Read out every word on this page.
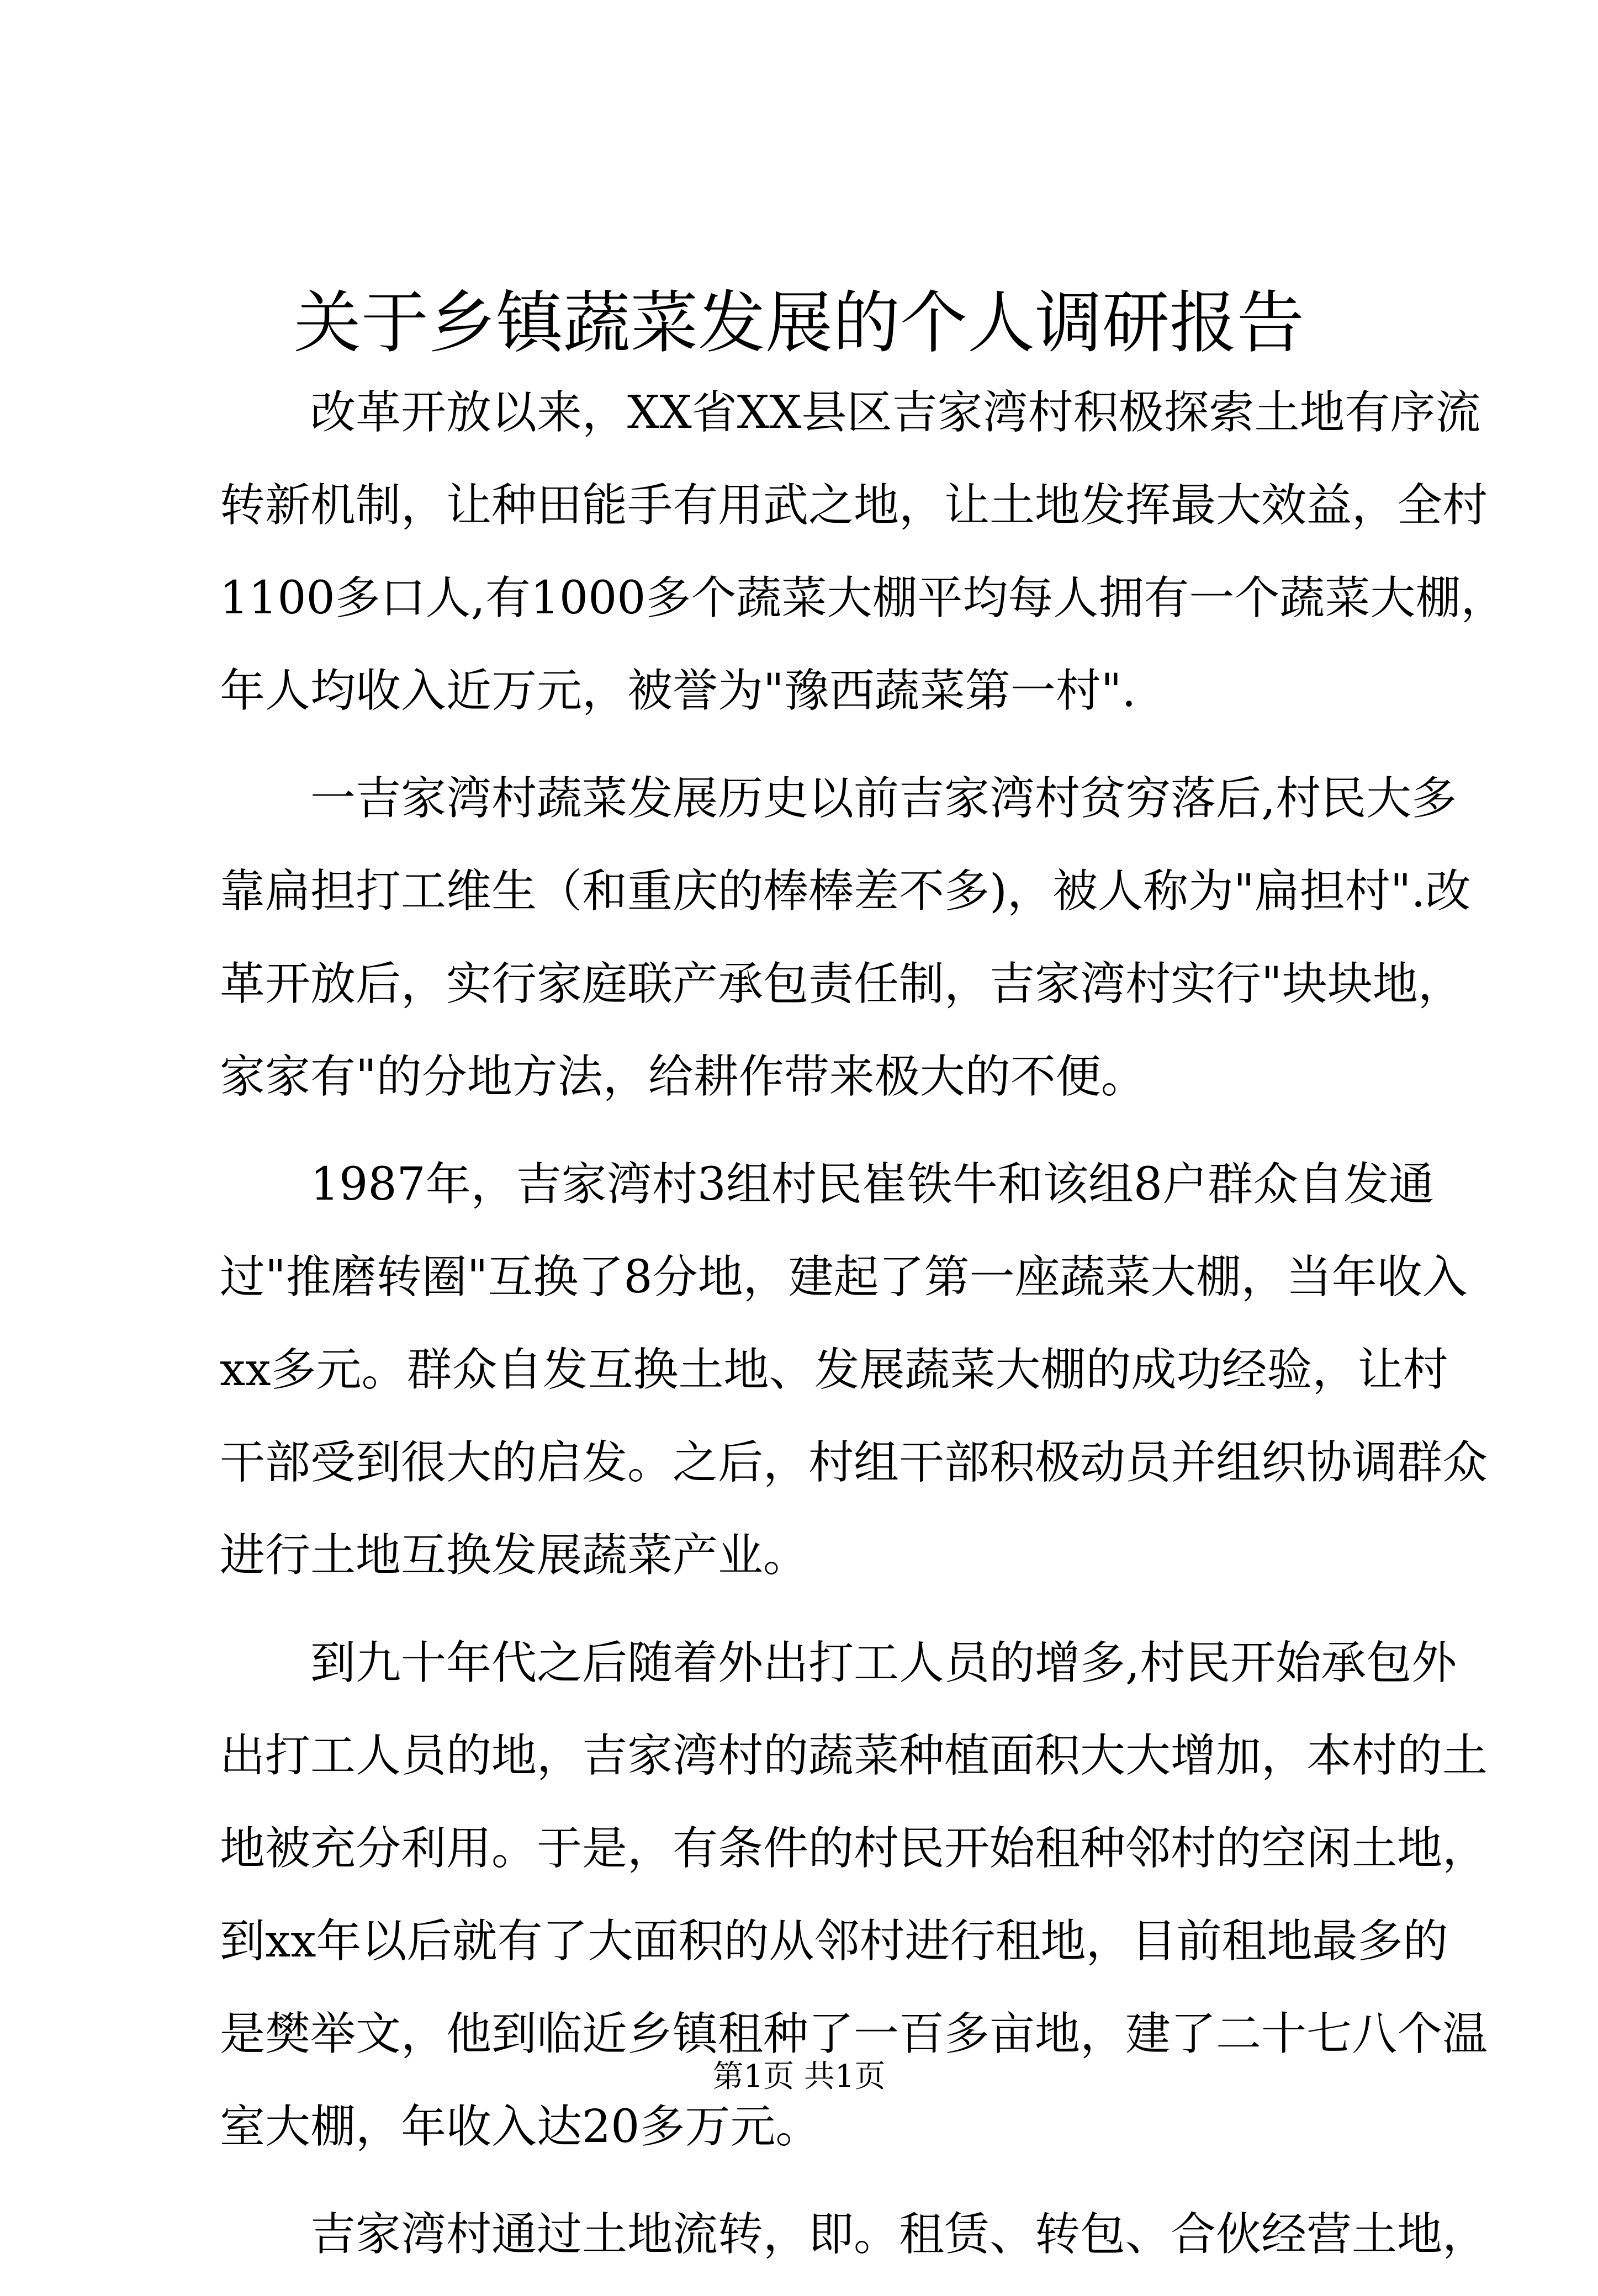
关于乡镇蔬菜发展的个人调研报告

改革开放以来，XX省XX县区吉家湾村积极探索土地有序流
转新机制，让种田能手有用武之地，让土地发挥最大效益，全村
1100多口人,有1000多个蔬菜大棚平均每人拥有一个蔬菜大棚，
年人均收入近万元，被誉为"豫西蔬菜第一村".

一吉家湾村蔬菜发展历史以前吉家湾村贫穷落后,村民大多
靠扁担打工维生（和重庆的棒棒差不多)，被人称为"扁担村".改
革开放后，实行家庭联产承包责任制，吉家湾村实行"块块地，
家家有"的分地方法，给耕作带来极大的不便。

1987年，吉家湾村3组村民崔铁牛和该组8户群众自发通
过"推磨转圈"互换了8分地，建起了第一座蔬菜大棚，当年收入
xx多元。群众自发互换土地、发展蔬菜大棚的成功经验，让村
干部受到很大的启发。之后，村组干部积极动员并组织协调群众
进行土地互换发展蔬菜产业。

到九十年代之后随着外出打工人员的增多,村民开始承包外
出打工人员的地，吉家湾村的蔬菜种植面积大大增加，本村的土
地被充分利用。于是，有条件的村民开始租种邻村的空闲土地，
到xx年以后就有了大面积的从邻村进行租地，目前租地最多的
是樊举文，他到临近乡镇租种了一百多亩地，建了二十七八个温
室大棚，年收入达20多万元。

吉家湾村通过土地流转，即。租赁、转包、合伙经营土地，

第1页 共1页
